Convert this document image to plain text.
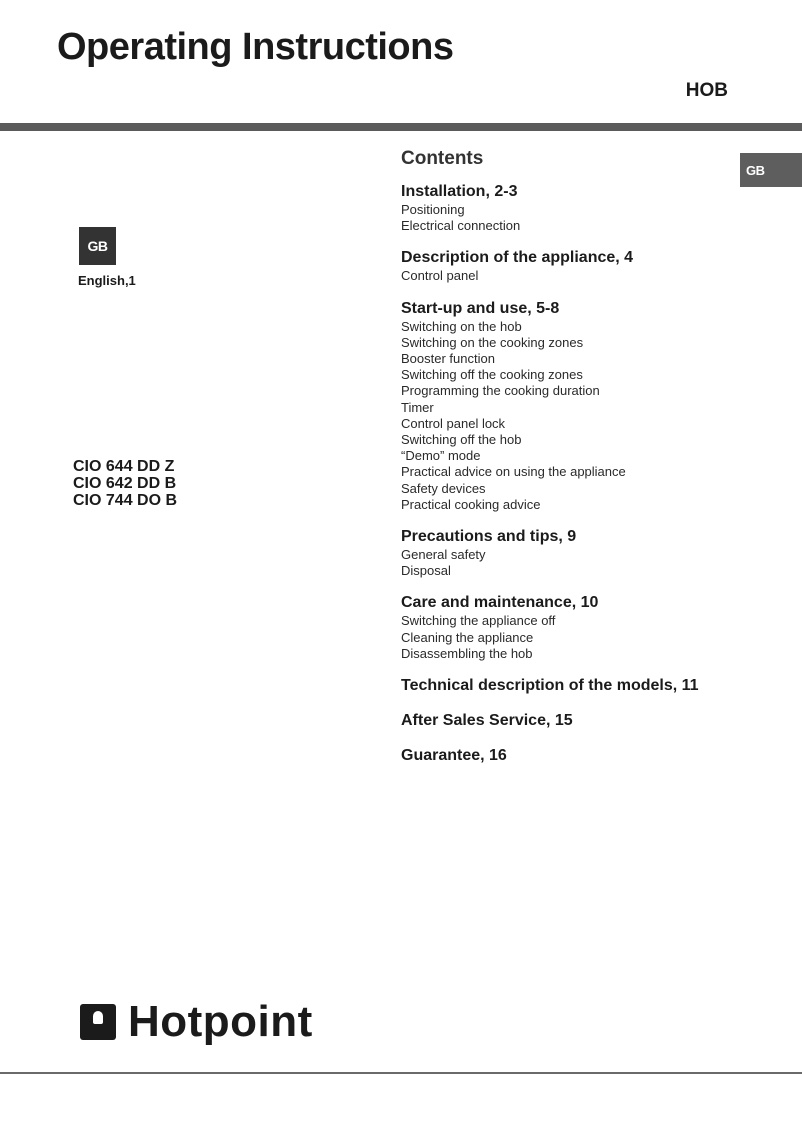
Operating Instructions
HOB
GB
GB
English,1
CIO 644 DD Z
CIO 642 DD B
CIO 744 DO B
Contents
Installation, 2-3
Positioning
Electrical connection
Description of the appliance, 4
Control panel
Start-up and use, 5-8
Switching on the hob
Switching on the cooking zones
Booster function
Switching off the cooking zones
Programming the cooking duration
Timer
Control panel lock
Switching off the hob
“Demo” mode
Practical advice on using the appliance
Safety devices
Practical cooking advice
Precautions and tips, 9
General safety
Disposal
Care and maintenance, 10
Switching the appliance off
Cleaning the appliance
Disassembling the hob
Technical description of the models, 11
After Sales Service, 15
Guarantee, 16
Hotpoint
